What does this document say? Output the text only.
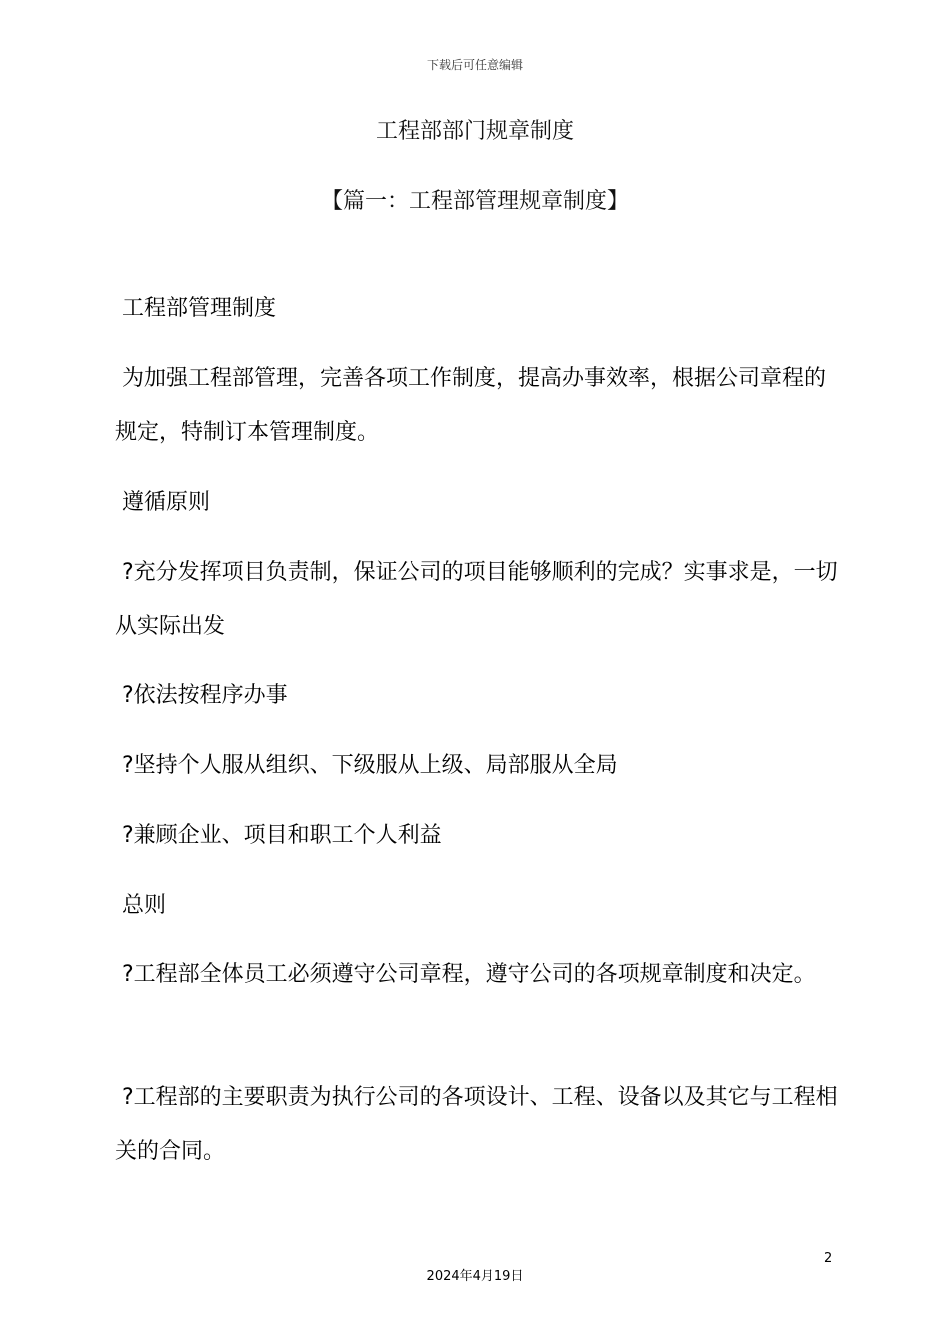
下载后可任意编辑
工程部部门规章制度
【篇一：工程部管理规章制度】

工程部管理制度

为加强工程部管理，完善各项工作制度，提高办事效率，根据公司章程的规定，特制订本管理制度。

遵循原则

?充分发挥项目负责制，保证公司的项目能够顺利的完成？实事求是，一切从实际出发

?依法按程序办事

?坚持个人服从组织、下级服从上级、局部服从全局

?兼顾企业、项目和职工个人利益

总则

?工程部全体员工必须遵守公司章程，遵守公司的各项规章制度和决定。

?工程部的主要职责为执行公司的各项设计、工程、设备以及其它与工程相关的合同。

2
2024年4月19日
